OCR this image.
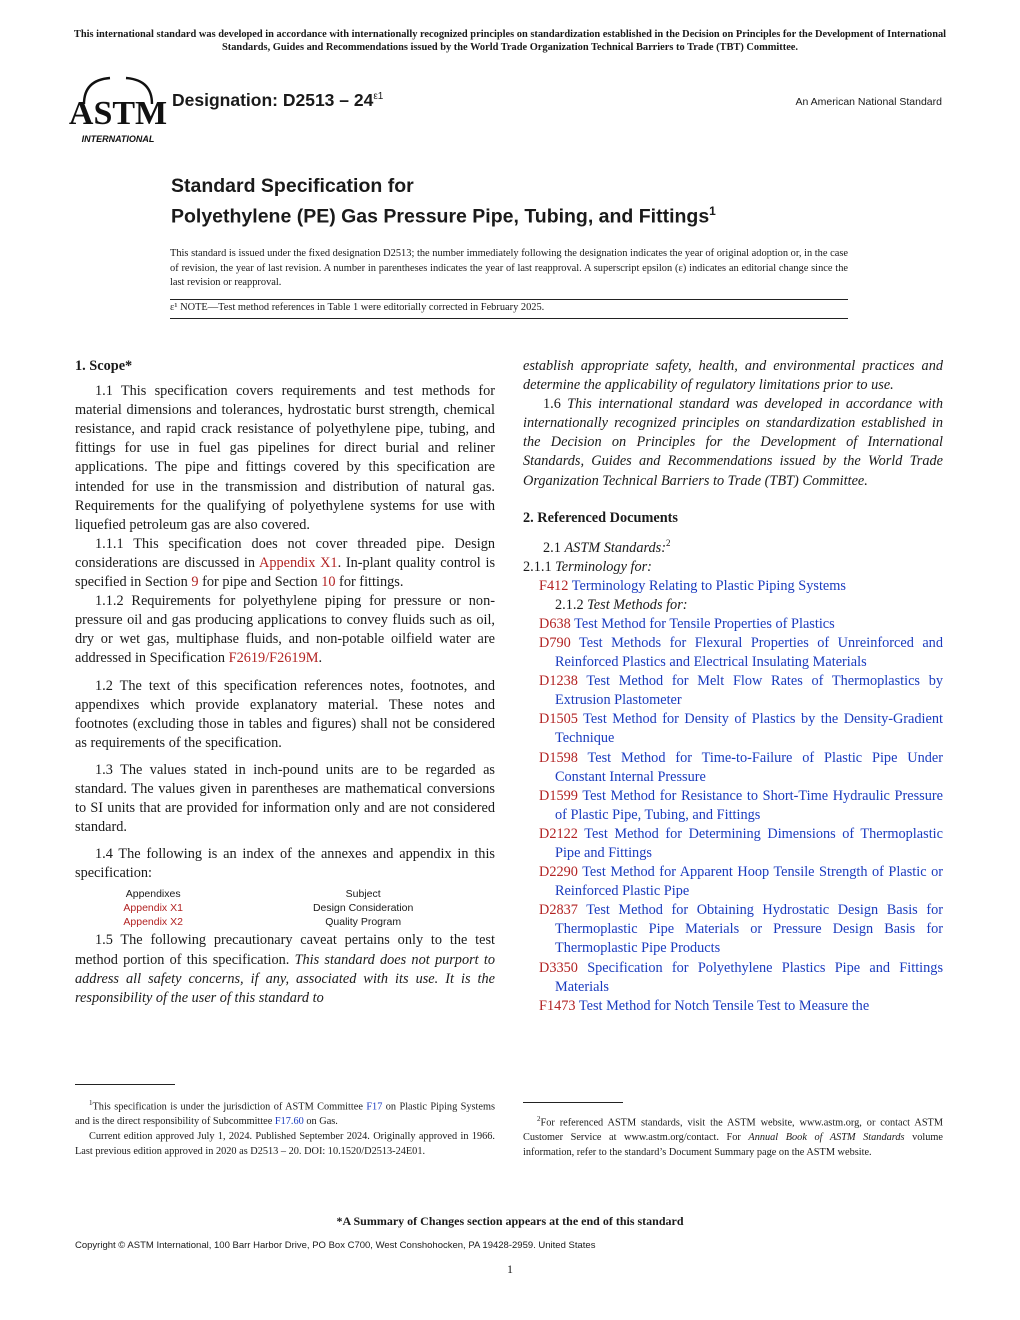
This international standard was developed in accordance with internationally recognized principles on standardization established in the Decision on Principles for the Development of International Standards, Guides and Recommendations issued by the World Trade Organization Technical Barriers to Trade (TBT) Committee.
ASTM
INTERNATIONAL
Designation: $D2513 - 24^{\varepsilon 1}$	An American National Standard
Standard Specification for
Polyethylene (PE) Gas Pressure Pipe, Tubing, and Fittings$^1$
This standard is issued under the fixed designation D2513; the number immediately following the designation indicates the year of original adoption or, in the case of revision, the year of last revision. A number in parentheses indicates the year of last reapproval. A superscript epsilon (ε) indicates an editorial change since the last revision or reapproval.
ε¹ NOTE—Test method references in Table 1 were editorially corrected in February 2025.
1. Scope*

1.1 This specification covers requirements and test methods for material dimensions and tolerances, hydrostatic burst strength, chemical resistance, and rapid crack resistance of polyethylene pipe, tubing, and fittings for use in fuel gas pipelines for direct burial and reliner applications. The pipe and fittings covered by this specification are intended for use in the transmission and distribution of natural gas. Requirements for the qualifying of polyethylene systems for use with liquefied petroleum gas are also covered.

1.1.1 This specification does not cover threaded pipe. Design considerations are discussed in Appendix X1. In-plant quality control is specified in Section 9 for pipe and Section 10 for fittings.

1.1.2 Requirements for polyethylene piping for pressure or non-pressure oil and gas producing applications to convey fluids such as oil, dry or wet gas, multiphase fluids, and non-potable oilfield water are addressed in Specification F2619/F2619M.

1.2 The text of this specification references notes, footnotes, and appendixes which provide explanatory material. These notes and footnotes (excluding those in tables and figures) shall not be considered as requirements of the specification.

1.3 The values stated in inch-pound units are to be regarded as standard. The values given in parentheses are mathematical conversions to SI units that are provided for information only and are not considered standard.

1.4 The following is an index of the annexes and appendix in this specification:

Appendixes	Subject
Appendix X1	Design Consideration
Appendix X2	Quality Program

1.5 The following precautionary caveat pertains only to the test method portion of this specification. This standard does not purport to address all safety concerns, if any, associated with its use. It is the responsibility of the user of this standard to

establish appropriate safety, health, and environmental practices and determine the applicability of regulatory limitations prior to use.

1.6 This international standard was developed in accordance with internationally recognized principles on standardization established in the Decision on Principles for the Development of International Standards, Guides and Recommendations issued by the World Trade Organization Technical Barriers to Trade (TBT) Committee.

2. Referenced Documents

2.1 ASTM Standards:$^2$

2.1.1 Terminology for:

F412 Terminology Relating to Plastic Piping Systems

2.1.2 Test Methods for:

D638 Test Method for Tensile Properties of Plastics

D790 Test Methods for Flexural Properties of Unreinforced and Reinforced Plastics and Electrical Insulating Materials

D1238 Test Method for Melt Flow Rates of Thermoplastics by Extrusion Plastometer

D1505 Test Method for Density of Plastics by the Density-Gradient Technique

D1598 Test Method for Time-to-Failure of Plastic Pipe Under Constant Internal Pressure

D1599 Test Method for Resistance to Short-Time Hydraulic Pressure of Plastic Pipe, Tubing, and Fittings

D2122 Test Method for Determining Dimensions of Thermoplastic Pipe and Fittings

D2290 Test Method for Apparent Hoop Tensile Strength of Plastic or Reinforced Plastic Pipe

D2837 Test Method for Obtaining Hydrostatic Design Basis for Thermoplastic Pipe Materials or Pressure Design Basis for Thermoplastic Pipe Products

D3350 Specification for Polyethylene Plastics Pipe and Fittings Materials

F1473 Test Method for Notch Tensile Test to Measure the

$^1$This specification is under the jurisdiction of ASTM Committee F17 on Plastic Piping Systems and is the direct responsibility of Subcommittee F17.60 on Gas.

Current edition approved July 1, 2024. Published September 2024. Originally approved in 1966. Last previous edition approved in 2020 as D2513 – 20. DOI: 10.1520/D2513-24E01.

$^2$For referenced ASTM standards, visit the ASTM website, www.astm.org, or contact ASTM Customer Service at www.astm.org/contact. For Annual Book of ASTM Standards volume information, refer to the standard’s Document Summary page on the ASTM website.

*A Summary of Changes section appears at the end of this standard
Copyright © ASTM International, 100 Barr Harbor Drive, PO Box C700, West Conshohocken, PA 19428-2959. United States
1
